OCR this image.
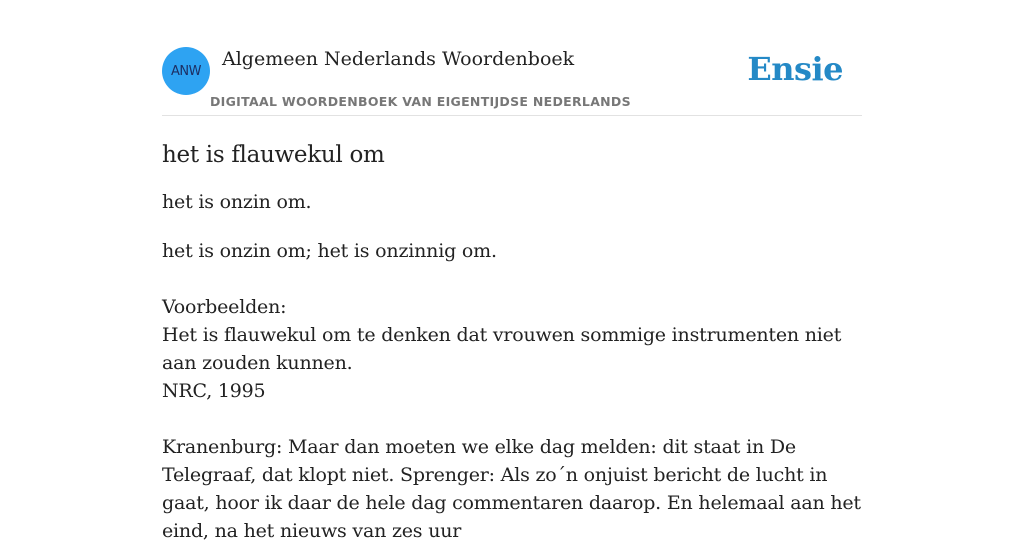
ANW
Algemeen Nederlands Woordenboek
DIGITAAL WOORDENBOEK VAN EIGENTIJDSE NEDERLANDS
Ensie
het is flauwekul om

het is onzin om.

het is onzin om; het is onzinnig om.

Voorbeelden:

Het is flauwekul om te denken dat vrouwen sommige instrumenten niet aan zouden kunnen.

NRC, 1995

Kranenburg: Maar dan moeten we elke dag melden: dit staat in De Telegraaf, dat klopt niet. Sprenger: Als zo´n onjuist bericht de lucht in gaat, hoor ik daar de hele dag commentaren daarop. En helemaal aan het eind, na het nieuws van zes uur
